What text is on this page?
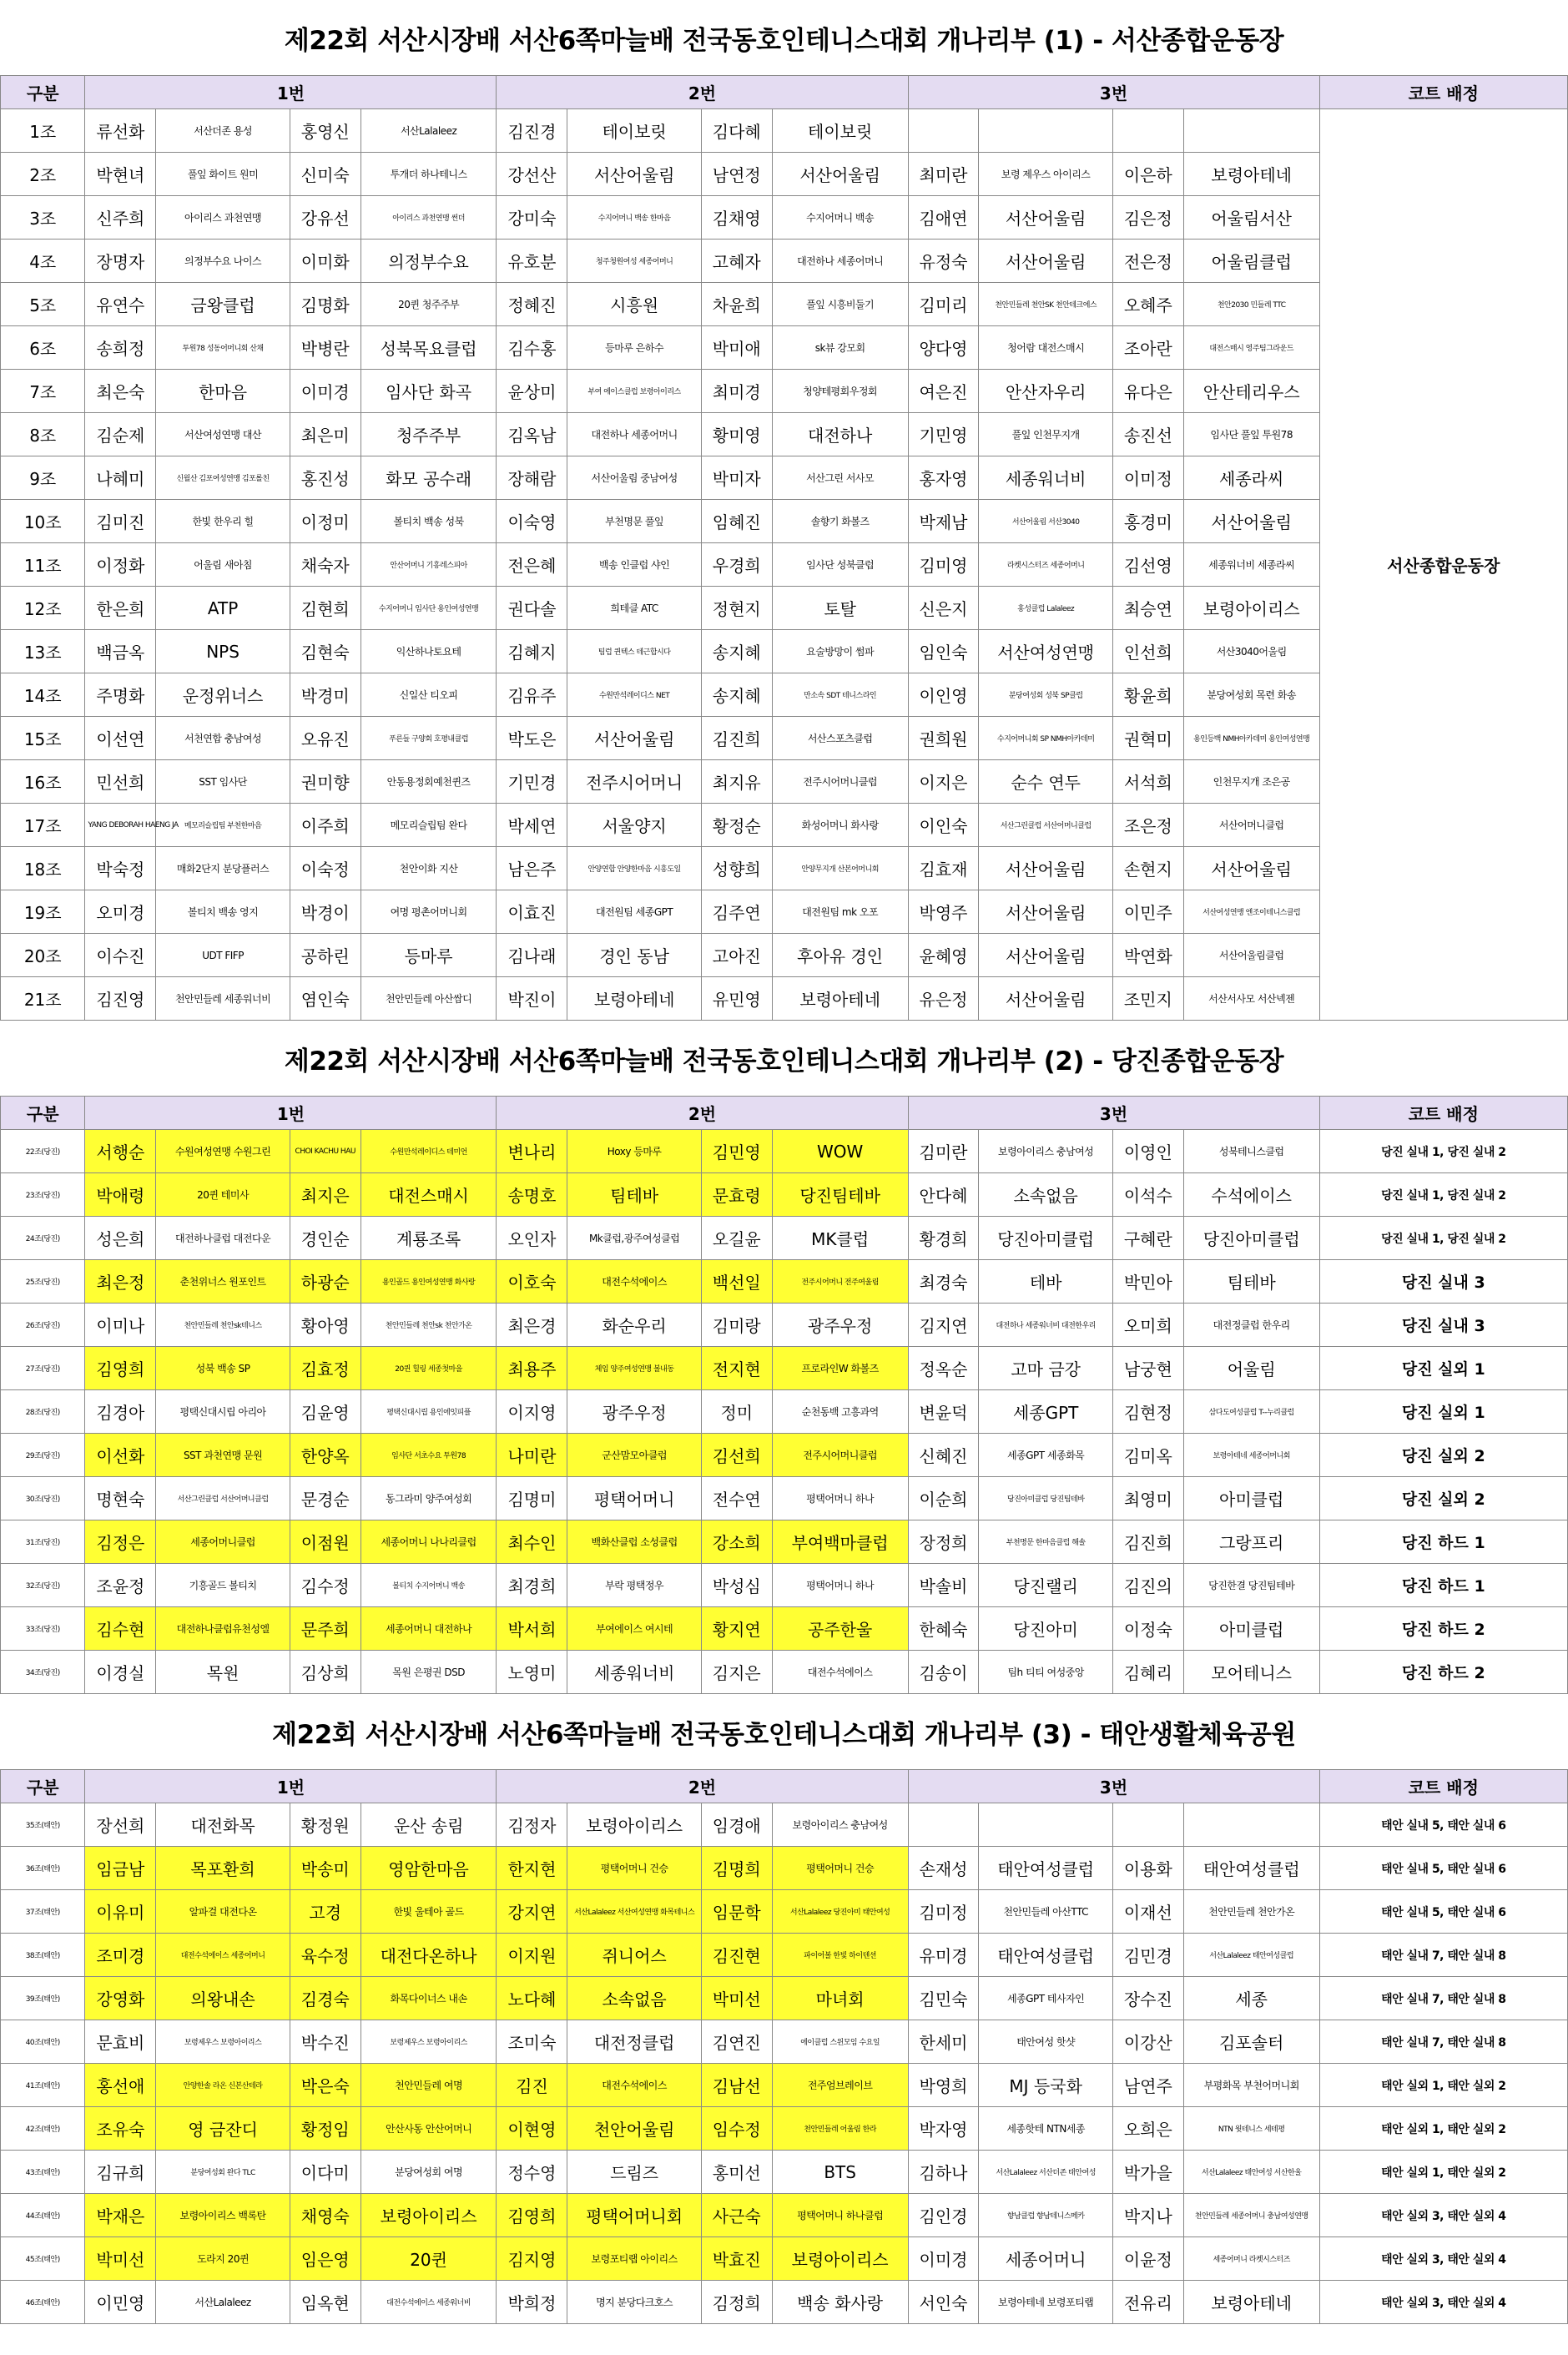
제22회 서산시장배 서산6쪽마늘배 전국동호인테니스대회 개나리부 (1) - 서산종합운동장
구분	1번				2번				3번				코트 배정
1조	류선화	서산더존 용성	홍영신	서산Lalaleez	김진경	테이보릿	김다혜	테이보릿					서산종합운동장
2조	박현녀	풀잎 화이트 원미	신미숙	투개더 하나테니스	강선산	서산어울림	남연정	서산어울림	최미란	보령 제우스 아이리스	이은하	보령아테네	
3조	신주희	아이리스 과천연맹	강유선	아이리스 과천연맹 썬더	강미숙	수지어머니 백송 한마음	김채영	수지어머니 백송	김애연	서산어울림	김은정	어울림서산	
4조	장명자	의정부수요 나이스	이미화	의정부수요	유호분	청주청원여성 세종어머니	고혜자	대전하나 세종어머니	유정숙	서산어울림	전은정	어울림클럽	
5조	유연수	금왕클럽	김명화	20퀸 청주주부	정혜진	시흥원	차윤희	풀잎 시흥비둘기	김미리	천안민들레 천안SK 천안테크에스	오혜주	천안2030 민들레 TTC	
6조	송희정	투원78 성동어머니회 산채	박병란	성북목요클럽	김수홍	등마루 은하수	박미애	sk뷰 강모회	양다영	청어람 대전스매시	조아란	대전스매시 영주팀그라운드	
7조	최은숙	한마음	이미경	임사단 화곡	윤상미	부여 에이스클럽 보령아이리스	최미경	청양테평회우정회	여은진	안산자우리	유다은	안산테리우스	
8조	김순제	서산여성연맹 대산	최은미	청주주부	김옥남	대전하나 세종어머니	황미영	대전하나	기민영	풀잎 인천무지개	송진선	임사단 풀잎 투원78	
9조	나혜미	신월산 김포여성연맹 김포롤친	홍진성	화모 공수래	장해람	서산어울림 중남여성	박미자	서산그린 서사모	홍자영	세종워너비	이미정	세종라씨	
10조	김미진	한빛 한우리 힐	이정미	볼티치 백송 성북	이숙영	부천명문 풀잎	임혜진	솔향기 화볼즈	박제남	서산어울림 서산3040	홍경미	서산어울림	
11조	이정화	어울림 새아침	채숙자	안산어머니 기흥레스피아	전은혜	백송 인클럽 샤인	우경희	임사단 성북클럽	김미영	라켓시스터즈 세종어머니	김선영	세종워너비 세종라씨	
12조	한은희	ATP	김현희	수지어머니 임사단 용인여성연맹	권다솔	희테클 ATC	정현지	토탈	신은지	홍성클럽 Lalaleez	최승연	보령아이리스	
13조	백금옥	NPS	김현숙	익산하나토요테	김혜지	팀럽 퀸텍스 테근합시다	송지혜	요술방망이 썸파	임인숙	서산여성연맹	인선희	서산3040어울림	
14조	주명화	운정위너스	박경미	신일산 티오피	김유주	수원만석레이디스 NET	송지혜	만소속 SDT 테니스라인	이인영	분당여성회 성북 SP클럽	황윤희	분당여성회 목련 화송	
15조	이선연	서천연합 충남여성	오유진	푸른들 구양회 호평내클럽	박도은	서산어울림	김진희	서산스포츠클럽	권희원	수지어머니회 SP NMH아카데미	권혁미	용인등백 NMH아카데미 용인여성연맹	
16조	민선희	SST 임사단	권미향	안동용정회예천퀸즈	기민경	전주시어머니	최지유	전주시어머니클럽	이지은	순수 연두	서석희	인천무지개 조은공	
17조	YANG DEBORAH HAENG JA	메모리슬립팀 부천한마음	이주희	메모리슬립팀 완다	박세연	서울양지	황정순	화성어머니 화사랑	이인숙	서산그린클럽 서산어머니클럽	조은정	서산어머니클럽	
18조	박숙정	매화2단지 분당플러스	이숙정	천안이화 지산	남은주	안양연합 안양한마음 시흥도일	성향희	안양무지개 산본어머니회	김효재	서산어울림	손현지	서산어울림	
19조	오미경	볼티치 백송 영지	박경이	여명 평촌어머니회	이효진	대전원팀 세종GPT	김주연	대전원팀 mk 오포	박영주	서산어울림	이민주	서산여성연맹 엔조이테니스클럽	
20조	이수진	UDT FIFP	공하린	등마루	김나래	경인 동남	고아진	후아유 경인	윤혜영	서산어울림	박연화	서산어울림클럽	
21조	김진영	천안민들레 세종워너비	염인숙	천안민들레 아산쌈디	박진이	보령아테네	유민영	보령아테네	유은정	서산어울림	조민지	서산서사모 서산넥젠	
제22회 서산시장배 서산6쪽마늘배 전국동호인테니스대회 개나리부 (2) - 당진종합운동장
구분	1번				2번				3번				코트 배정
22조(당진)	서행순	수원여성연맹 수원그린	CHOI KACHU HAU	수원만석레이디스 테미언	변나리	Hoxy 등마루	김민영	WOW	김미란	보령아이리스 충남여성	이영인	성북테니스클럽	당진 실내 1, 당진 실내 2
23조(당진)	박애령	20퀸 테미사	최지은	대전스매시	송명호	팀테바	문효령	당진팀테바	안다혜	소속없음	이석수	수석에이스	당진 실내 1, 당진 실내 2
24조(당진)	성은희	대전하나클럽 대전다운	경인순	계룡조록	오인자	Mk클럽,광주여성클럽	오길윤	MK클럽	황경희	당진아미클럽	구혜란	당진아미클럽	당진 실내 1, 당진 실내 2
25조(당진)	최은정	춘천위너스 원포인트	하광순	용인골드 용인여성연맹 화사랑	이호숙	대전수석에이스	백선일	전주시어머니 전주여울림	최경숙	테바	박민아	팀테바	당진 실내 3
26조(당진)	이미나	천안민들레 천안sk테니스	황아영	천안민들레 천안sk 천안가온	최은경	화순우리	김미랑	광주우정	김지연	대전하나 세종워너비 대전한우리	오미희	대전정클럽 한우리	당진 실내 3
27조(당진)	김영희	성북 백송 SP	김효정	20퀸 힐링 세종첫마을	최용주	체임 양주여성연맹 볼내동	전지현	프로라인W 화볼즈	정옥순	고마 금강	남궁현	어울림	당진 실외 1
28조(당진)	김경아	평택신대시립 아리아	김윤영	평택신대시립 용인에잇피플	이지영	광주우정	정미	순천동백 고흥과역	변윤덕	세종GPT	김현정	삼다도여성클럽 T--누리클럽	당진 실외 1
29조(당진)	이선화	SST 과천연맹 문원	한양옥	임사단 서초수요 투원78	나미란	군산맘모아클럽	김선희	전주시어머니클럽	신혜진	세종GPT 세종화목	김미옥	보령아테네 세종어머니회	당진 실외 2
30조(당진)	명현숙	서산그린클럽 서산어머니클럽	문경순	동그라미 양주여성회	김명미	평택어머니	전수연	평택어머니 하나	이순희	당진아미클럽 당진팀테바	최영미	아미클럽	당진 실외 2
31조(당진)	김정은	세종어머니클럽	이점원	세종어머니 나나리클럽	최수인	백화산클럽 소성클럽	강소희	부여백마클럽	장정희	부천명문 한마음클럽 해솔	김진희	그랑프리	당진 하드 1
32조(당진)	조윤정	기흥골드 볼티치	김수정	볼티치 수지어머니 백송	최경희	부락 평택정우	박성심	평택어머니 하나	박솔비	당진랠리	김진의	당진한결 당진팀테바	당진 하드 1
33조(당진)	김수현	대전하나클럽유천성엘	문주희	세종어머니 대전하나	박서희	부여에이스 여시테	황지연	공주한울	한혜숙	당진아미	이정숙	아미클럽	당진 하드 2
34조(당진)	이경실	목원	김상희	목원 은평권 DSD	노영미	세종워너비	김지은	대전수석에이스	김송이	팀h 티티 여성중앙	김혜리	모어테니스	당진 하드 2
제22회 서산시장배 서산6쪽마늘배 전국동호인테니스대회 개나리부 (3) - 태안생활체육공원
구분	1번				2번				3번				코트 배정
35조(태안)	장선희	대전화목	황정원	운산 송림	김정자	보령아이리스	임경애	보령아이리스 충남여성					태안 실내 5, 태안 실내 6
36조(태안)	임금남	목포환희	박송미	영암한마음	한지현	평택어머니 건승	김명희	평택어머니 건승	손재성	태안여성클럽	이용화	태안여성클럽	태안 실내 5, 태안 실내 6
37조(태안)	이유미	알파걸 대전다온	고경	한빛 울테아 골드	강지연	서산Lalaleez 서산여성연맹 화목테니스	임문학	서산Lalaleez 당진아미 태안여성	김미정	천안민들레 아산TTC	이재선	천안민들레 천안가온	태안 실내 5, 태안 실내 6
38조(태안)	조미경	대전수석에이스 세종어머니	육수정	대전다온하나	이지원	쥐니어스	김진현	파이어볼 한빛 하이텐션	유미경	태안여성클럽	김민경	서산Lalaleez 태안여성클럽	태안 실내 7, 태안 실내 8
39조(태안)	강영화	의왕내손	김경숙	화목다이너스 내손	노다혜	소속없음	박미선	마녀회	김민숙	세종GPT 테사자인	장수진	세종	태안 실내 7, 태안 실내 8
40조(태안)	문효비	보령제우스 보령아이리스	박수진	보령제우스 보령아이리스	조미숙	대전정클럽	김연진	에이클럽 스윈모임 수요일	한세미	태안여성 핫샷	이강산	김포솔터	태안 실내 7, 태안 실내 8
41조(태안)	홍선애	안양한솔 라온 신본산테라	박은숙	천안민들레 여명	김진	대전수석에이스	김남선	전주엄브레이브	박영희	MJ 등국화	남연주	부평화목 부천어머니회	태안 실외 1, 태안 실외 2
42조(태안)	조유숙	영 금잔디	황정임	안산사동 안산어머니	이현영	천안어울림	임수정	천안민들레 어울림 한라	박자영	세종핫테 NTN세종	오희은	NTN 윗테니스 세테평	태안 실외 1, 태안 실외 2
43조(태안)	김규희	분당여성회 완다 TLC	이다미	분당여성회 여명	정수영	드림즈	홍미선	BTS	김하나	서산Lalaleez 서산더존 태안여성	박가을	서산Lalaleez 태안여성 서산한울	태안 실외 1, 태안 실외 2
44조(태안)	박재은	보령아이리스 백록탄	채영숙	보령아이리스	김영희	평택어머니회	사근숙	평택어머니 하나클럽	김인경	향남클럽 향남테니스메카	박지나	천안민들레 세종어머니 충남여성연맹	태안 실외 3, 태안 실외 4
45조(태안)	박미선	도라지 20퀸	임은영	20퀸	김지영	보령포티랩 아이리스	박효진	보령아이리스	이미경	세종어머니	이윤정	세종어머니 라켓시스터즈	태안 실외 3, 태안 실외 4
46조(태안)	이민영	서산Lalaleez	임옥현	대전수석에이스 세종워너비	박희정	명지 분당다크호스	김정희	백송 화사랑	서인숙	보령아테네 보령포티랩	전유리	보령아테네	태안 실외 3, 태안 실외 4
